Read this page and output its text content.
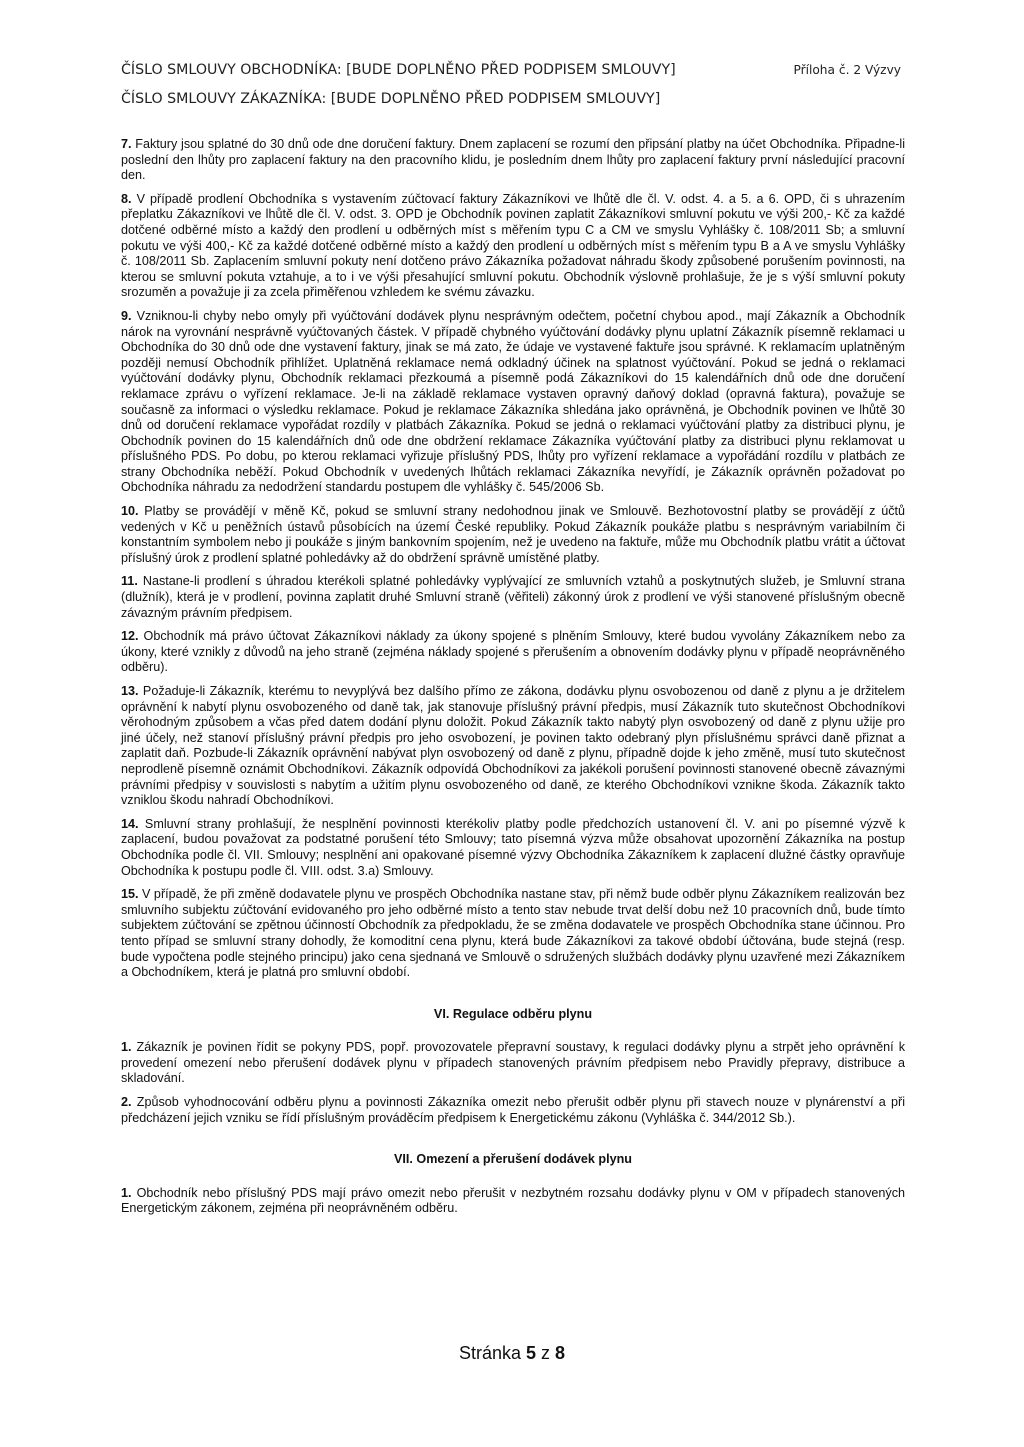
ČÍSLO SMLOUVY OBCHODNÍKA: [BUDE DOPLNĚNO PŘED PODPISEM SMLOUVY]
ČÍSLO SMLOUVY ZÁKAZNÍKA: [BUDE DOPLNĚNO PŘED PODPISEM SMLOUVY]
Příloha č. 2 Výzvy

7. Faktury jsou splatné do 30 dnů ode dne doručení faktury. Dnem zaplacení se rozumí den připsání platby na účet Obchodníka. Připadne-li poslední den lhůty pro zaplacení faktury na den pracovního klidu, je posledním dnem lhůty pro zaplacení faktury první následující pracovní den.

8. V případě prodlení Obchodníka s vystavením zúčtovací faktury Zákazníkovi ve lhůtě dle čl. V. odst. 4. a 5. a 6. OPD, či s uhrazením přeplatku Zákazníkovi ve lhůtě dle čl. V. odst. 3. OPD je Obchodník povinen zaplatit Zákazníkovi smluvní pokutu ve výši 200,- Kč za každé dotčené odběrné místo a každý den prodlení u odběrných míst s měřením typu C a CM ve smyslu Vyhlášky č. 108/2011 Sb; a smluvní pokutu ve výši 400,- Kč za každé dotčené odběrné místo a každý den prodlení u odběrných míst s měřením typu B a A ve smyslu Vyhlášky č. 108/2011 Sb. Zaplacením smluvní pokuty není dotčeno právo Zákazníka požadovat náhradu škody způsobené porušením povinnosti, na kterou se smluvní pokuta vztahuje, a to i ve výši přesahující smluvní pokutu. Obchodník výslovně prohlašuje, že je s výší smluvní pokuty srozuměn a považuje ji za zcela přiměřenou vzhledem ke svému závazku.

9. Vzniknou-li chyby nebo omyly při vyúčtování dodávek plynu nesprávným odečtem, početní chybou apod., mají Zákazník a Obchodník nárok na vyrovnání nesprávně vyúčtovaných částek. V případě chybného vyúčtování dodávky plynu uplatní Zákazník písemně reklamaci u Obchodníka do 30 dnů ode dne vystavení faktury, jinak se má zato, že údaje ve vystavené faktuře jsou správné. K reklamacím uplatněným později nemusí Obchodník přihlížet. Uplatněná reklamace nemá odkladný účinek na splatnost vyúčtování. Pokud se jedná o reklamaci vyúčtování dodávky plynu, Obchodník reklamaci přezkoumá a písemně podá Zákazníkovi do 15 kalendářních dnů ode dne doručení reklamace zprávu o vyřízení reklamace. Je-li na základě reklamace vystaven opravný daňový doklad (opravná faktura), považuje se současně za informaci o výsledku reklamace. Pokud je reklamace Zákazníka shledána jako oprávněná, je Obchodník povinen ve lhůtě 30 dnů od doručení reklamace vypořádat rozdíly v platbách Zákazníka. Pokud se jedná o reklamaci vyúčtování platby za distribuci plynu, je Obchodník povinen do 15 kalendářních dnů ode dne obdržení reklamace Zákazníka vyúčtování platby za distribuci plynu reklamovat u příslušného PDS. Po dobu, po kterou reklamaci vyřizuje příslušný PDS, lhůty pro vyřízení reklamace a vypořádání rozdílu v platbách ze strany Obchodníka neběží. Pokud Obchodník v uvedených lhůtách reklamaci Zákazníka nevyřídí, je Zákazník oprávněn požadovat po Obchodníka náhradu za nedodržení standardu postupem dle vyhlášky č. 545/2006 Sb.

10. Platby se provádějí v měně Kč, pokud se smluvní strany nedohodnou jinak ve Smlouvě. Bezhotovostní platby se provádějí z účtů vedených v Kč u peněžních ústavů působících na území České republiky. Pokud Zákazník poukáže platbu s nesprávným variabilním či konstantním symbolem nebo ji poukáže s jiným bankovním spojením, než je uvedeno na faktuře, může mu Obchodník platbu vrátit a účtovat příslušný úrok z prodlení splatné pohledávky až do obdržení správně umístěné platby.

11. Nastane-li prodlení s úhradou kterékoli splatné pohledávky vyplývající ze smluvních vztahů a poskytnutých služeb, je Smluvní strana (dlužník), která je v prodlení, povinna zaplatit druhé Smluvní straně (věřiteli) zákonný úrok z prodlení ve výši stanovené příslušným obecně závazným právním předpisem.

12. Obchodník má právo účtovat Zákazníkovi náklady za úkony spojené s plněním Smlouvy, které budou vyvolány Zákazníkem nebo za úkony, které vznikly z důvodů na jeho straně (zejména náklady spojené s přerušením a obnovením dodávky plynu v případě neoprávněného odběru).

13. Požaduje-li Zákazník, kterému to nevyplývá bez dalšího přímo ze zákona, dodávku plynu osvobozenou od daně z plynu a je držitelem oprávnění k nabytí plynu osvobozeného od daně tak, jak stanovuje příslušný právní předpis, musí Zákazník tuto skutečnost Obchodníkovi věrohodným způsobem a včas před datem dodání plynu doložit. Pokud Zákazník takto nabytý plyn osvobozený od daně z plynu užije pro jiné účely, než stanoví příslušný právní předpis pro jeho osvobození, je povinen takto odebraný plyn příslušnému správci daně přiznat a zaplatit daň. Pozbude-li Zákazník oprávnění nabývat plyn osvobozený od daně z plynu, případně dojde k jeho změně, musí tuto skutečnost neprodleně písemně oznámit Obchodníkovi. Zákazník odpovídá Obchodníkovi za jakékoli porušení povinnosti stanovené obecně závaznými právními předpisy v souvislosti s nabytím a užitím plynu osvobozeného od daně, ze kterého Obchodníkovi vznikne škoda. Zákazník takto vzniklou škodu nahradí Obchodníkovi.

14. Smluvní strany prohlašují, že nesplnění povinnosti kterékoliv platby podle předchozích ustanovení čl. V. ani po písemné výzvě k zaplacení, budou považovat za podstatné porušení této Smlouvy; tato písemná výzva může obsahovat upozornění Zákazníka na postup Obchodníka podle čl. VII. Smlouvy; nesplnění ani opakované písemné výzvy Obchodníka Zákazníkem k zaplacení dlužné částky opravňuje Obchodníka k postupu podle čl. VIII. odst. 3.a) Smlouvy.

15. V případě, že při změně dodavatele plynu ve prospěch Obchodníka nastane stav, při němž bude odběr plynu Zákazníkem realizován bez smluvního subjektu zúčtování evidovaného pro jeho odběrné místo a tento stav nebude trvat delší dobu než 10 pracovních dnů, bude tímto subjektem zúčtování se zpětnou účinností Obchodník za předpokladu, že se změna dodavatele ve prospěch Obchodníka stane účinnou. Pro tento případ se smluvní strany dohodly, že komoditní cena plynu, která bude Zákazníkovi za takové období účtována, bude stejná (resp. bude vypočtena podle stejného principu) jako cena sjednaná ve Smlouvě o sdružených službách dodávky plynu uzavřené mezi Zákazníkem a Obchodníkem, která je platná pro smluvní období.

VI. Regulace odběru plynu

1. Zákazník je povinen řídit se pokyny PDS, popř. provozovatele přepravní soustavy, k regulaci dodávky plynu a strpět jeho oprávnění k provedení omezení nebo přerušení dodávek plynu v případech stanovených právním předpisem nebo Pravidly přepravy, distribuce a skladování.

2. Způsob vyhodnocování odběru plynu a povinnosti Zákazníka omezit nebo přerušit odběr plynu při stavech nouze v plynárenství a při předcházení jejich vzniku se řídí příslušným prováděcím předpisem k Energetickému zákonu (Vyhláška č. 344/2012 Sb.).

VII. Omezení a přerušení dodávek plynu

1. Obchodník nebo příslušný PDS mají právo omezit nebo přerušit v nezbytném rozsahu dodávky plynu v OM v případech stanovených Energetickým zákonem, zejména při neoprávněném odběru.

Stránka 5 z 8
